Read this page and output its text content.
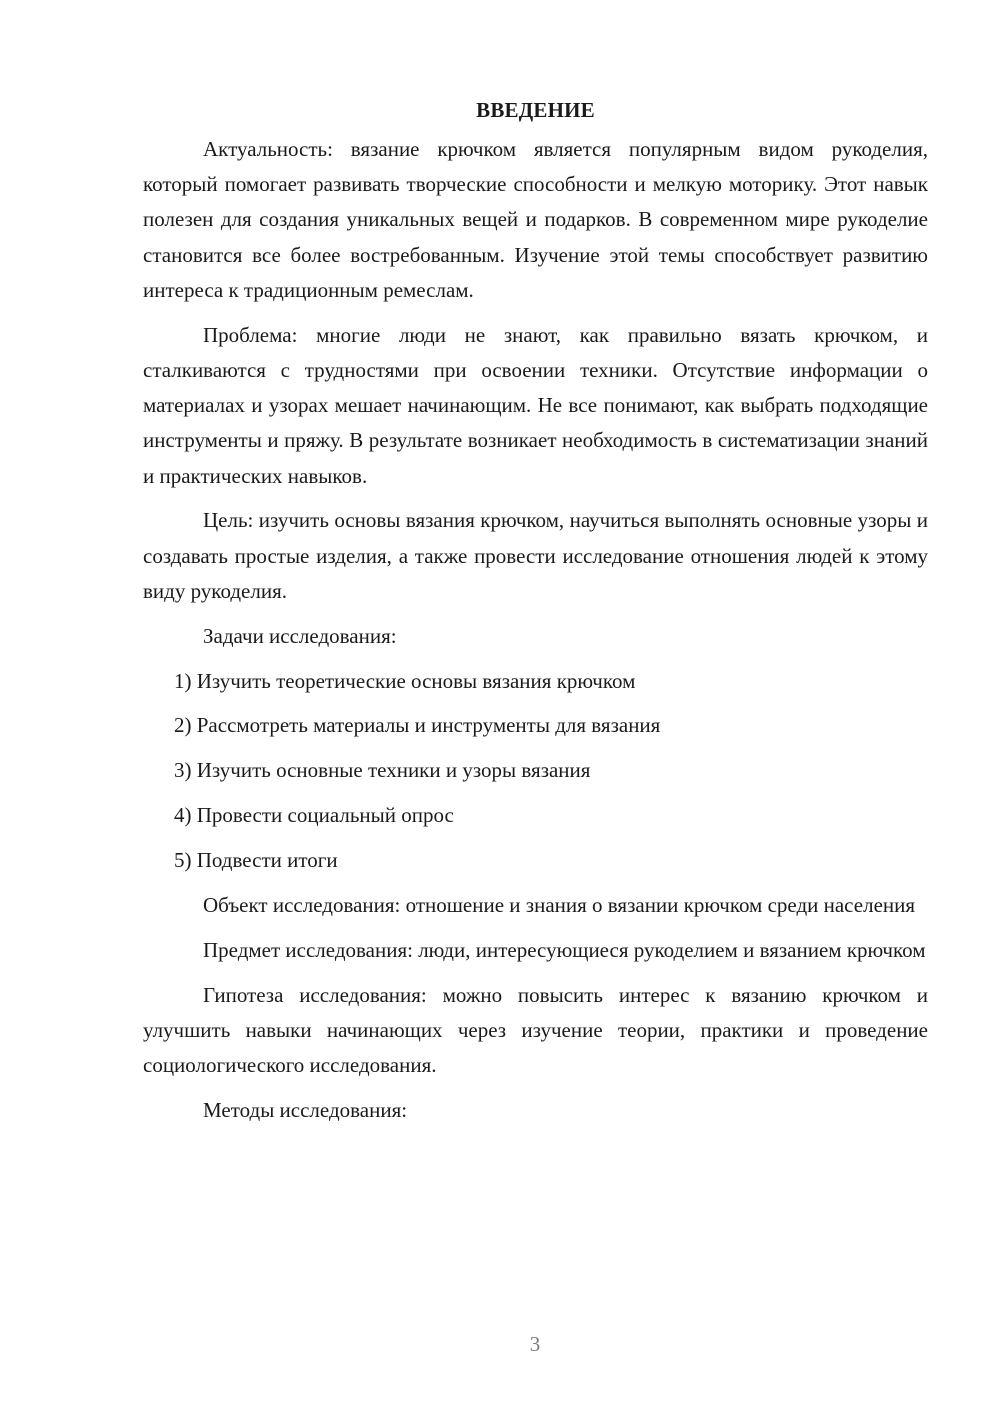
ВВЕДЕНИЕ

Актуальность: вязание крючком является популярным видом рукоделия, который помогает развивать творческие способности и мелкую моторику. Этот навык полезен для создания уникальных вещей и подарков. В современном мире рукоделие становится все более востребованным. Изучение этой темы способствует развитию интереса к традиционным ремеслам.

Проблема: многие люди не знают, как правильно вязать крючком, и сталкиваются с трудностями при освоении техники. Отсутствие информации о материалах и узорах мешает начинающим. Не все понимают, как выбрать подходящие инструменты и пряжу. В результате возникает необходимость в систематизации знаний и практических навыков.

Цель: изучить основы вязания крючком, научиться выполнять основные узоры и создавать простые изделия, а также провести исследование отношения людей к этому виду рукоделия.

Задачи исследования:
1) Изучить теоретические основы вязания крючком
2) Рассмотреть материалы и инструменты для вязания
3) Изучить основные техники и узоры вязания
4) Провести социальный опрос
5) Подвести итоги

Объект исследования: отношение и знания о вязании крючком среди населения

Предмет исследования: люди, интересующиеся рукоделием и вязанием крючком

Гипотеза исследования: можно повысить интерес к вязанию крючком и улучшить навыки начинающих через изучение теории, практики и проведение социологического исследования.

Методы исследования:
3
